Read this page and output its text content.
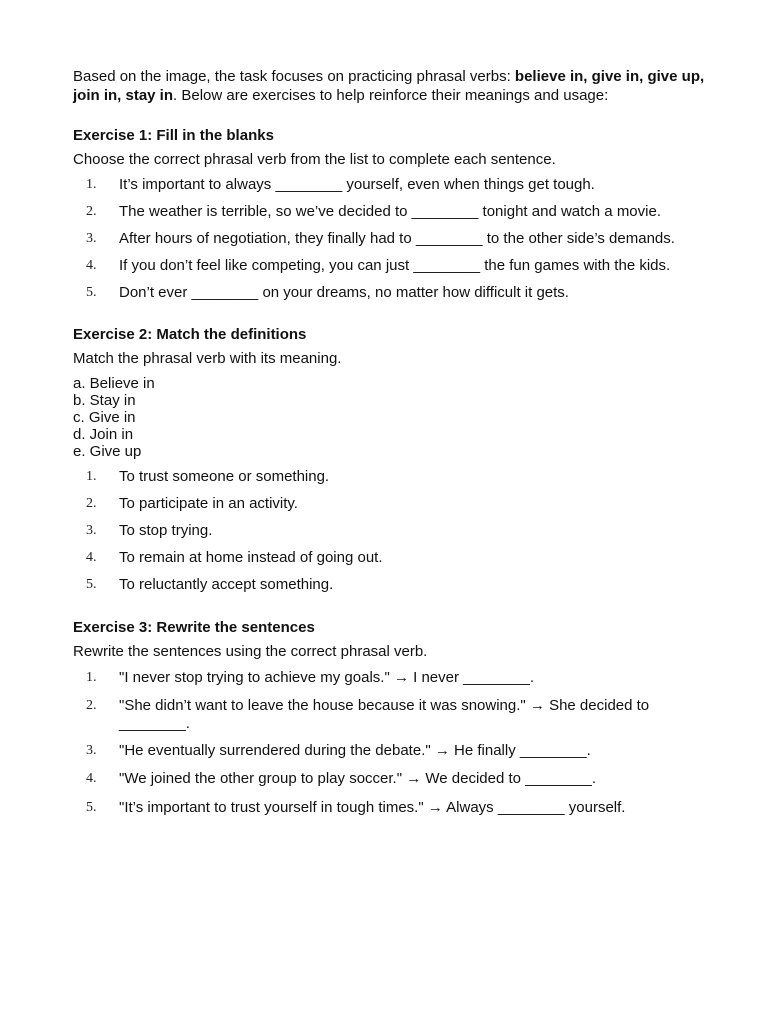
Based on the image, the task focuses on practicing phrasal verbs: believe in, give in, give up, join in, stay in. Below are exercises to help reinforce their meanings and usage:

Exercise 1: Fill in the blanks

Choose the correct phrasal verb from the list to complete each sentence.

1.	It’s important to always ________ yourself, even when things get tough.
2.	The weather is terrible, so we’ve decided to ________ tonight and watch a movie.
3.	After hours of negotiation, they finally had to ________ to the other side’s demands.
4.	If you don’t feel like competing, you can just ________ the fun games with the kids.
5.	Don’t ever ________ on your dreams, no matter how difficult it gets.
Exercise 2: Match the definitions

Match the phrasal verb with its meaning.

a. Believe in
b. Stay in
c. Give in
d. Join in
e. Give up
1.	To trust someone or something.
2.	To participate in an activity.
3.	To stop trying.
4.	To remain at home instead of going out.
5.	To reluctantly accept something.
Exercise 3: Rewrite the sentences

Rewrite the sentences using the correct phrasal verb.

1.	"I never stop trying to achieve my goals." → I never ________.
2.	"She didn’t want to leave the house because it was snowing." → She decided to ________.
3.	"He eventually surrendered during the debate." → He finally ________.
4.	"We joined the other group to play soccer." → We decided to ________.
5.	"It’s important to trust yourself in tough times." → Always ________ yourself.
